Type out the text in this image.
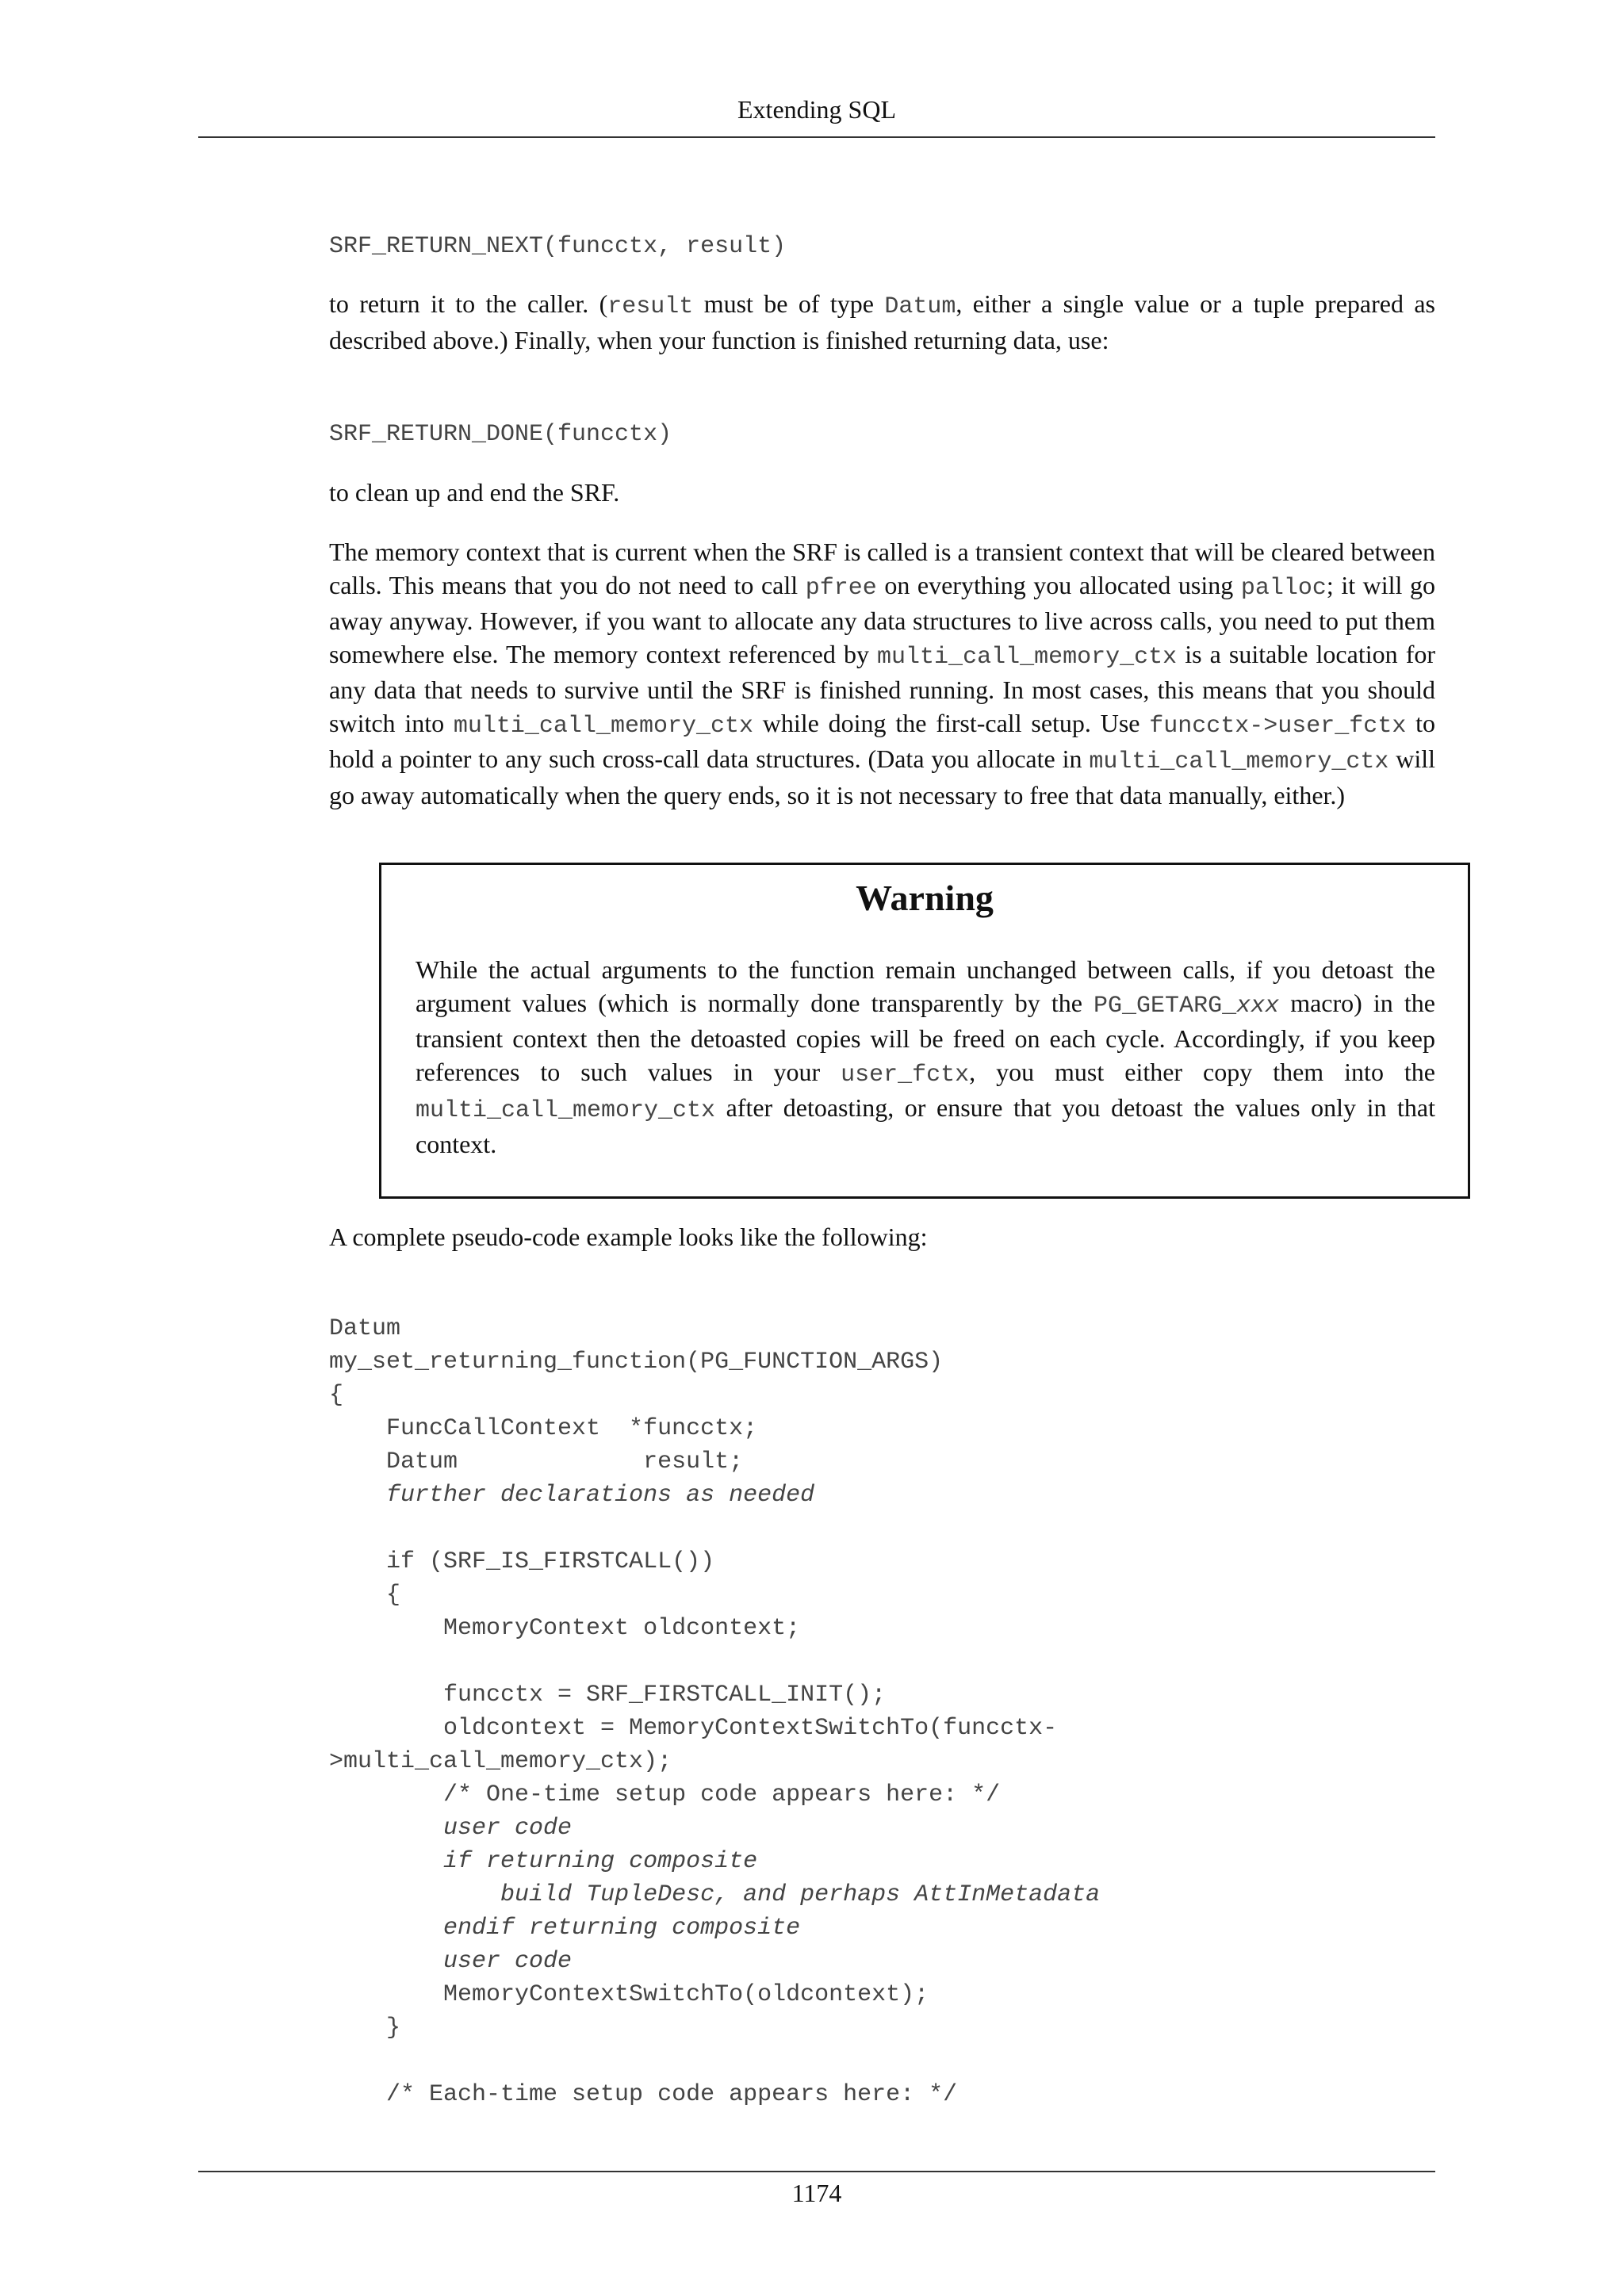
Extending SQL
SRF_RETURN_NEXT(funcctx, result)

to return it to the caller. (result must be of type Datum, either a single value or a tuple prepared as described above.) Finally, when your function is finished returning data, use:

SRF_RETURN_DONE(funcctx)

to clean up and end the SRF.

The memory context that is current when the SRF is called is a transient context that will be cleared between calls. This means that you do not need to call pfree on everything you allocated using palloc; it will go away anyway. However, if you want to allocate any data structures to live across calls, you need to put them somewhere else. The memory context referenced by multi_call_memory_ctx is a suitable location for any data that needs to survive until the SRF is finished running. In most cases, this means that you should switch into multi_call_memory_ctx while doing the first-call setup. Use funcctx->user_fctx to hold a pointer to any such cross-call data structures. (Data you allocate in multi_call_memory_ctx will go away automatically when the query ends, so it is not necessary to free that data manually, either.)

Warning

While the actual arguments to the function remain unchanged between calls, if you detoast the argument values (which is normally done transparently by the PG_GETARG_xxx macro) in the transient context then the detoasted copies will be freed on each cycle. Accordingly, if you keep references to such values in your user_fctx, you must either copy them into the multi_call_memory_ctx after detoasting, or ensure that you detoast the values only in that context.

A complete pseudo-code example looks like the following:

Datum
my_set_returning_function(PG_FUNCTION_ARGS)
{
FuncCallContext  *funcctx;
Datum             result;
further declarations as needed

if (SRF_IS_FIRSTCALL())
{
MemoryContext oldcontext;

funcctx = SRF_FIRSTCALL_INIT();
oldcontext = MemoryContextSwitchTo(funcctx-
>multi_call_memory_ctx);
/* One-time setup code appears here: */
user code
if returning composite
build TupleDesc, and perhaps AttInMetadata
endif returning composite
user code
MemoryContextSwitchTo(oldcontext);
}

/* Each-time setup code appears here: */
1174
